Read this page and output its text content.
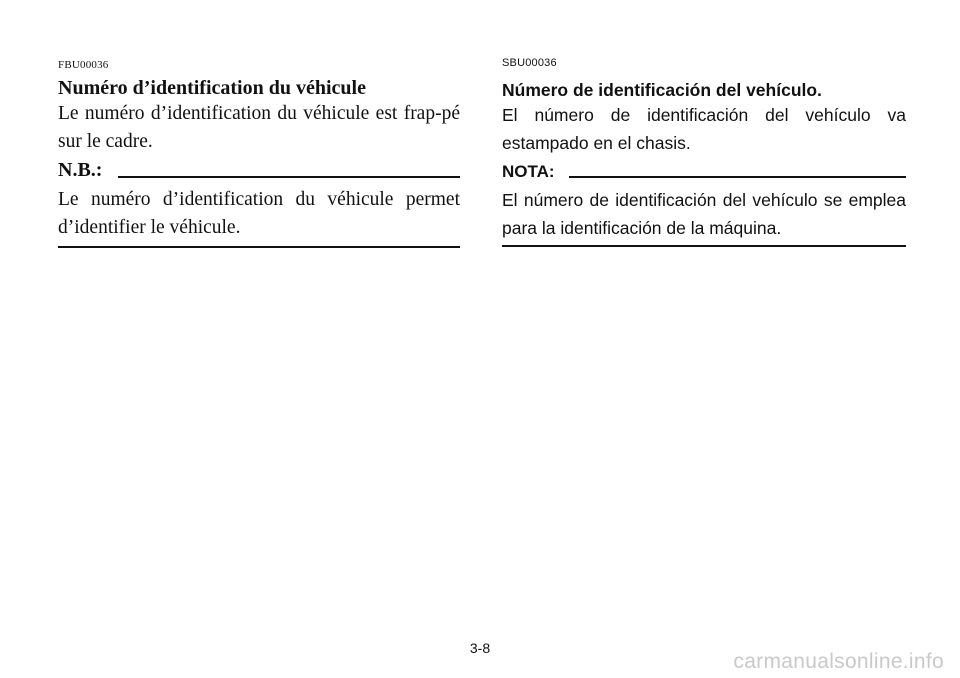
FBU00036
Numéro d’identification du véhicule
Le numéro d’identification du véhicule est frap-pé sur le cadre.
N.B.:
Le numéro d’identification du véhicule permet d’identifier le véhicule.
SBU00036
Número de identificación del vehículo.
El número de identificación del vehículo va estampado en el chasis.
NOTA:
El número de identificación del vehículo se emplea para la identificación de la máquina.
3-8
carmanualsonline.info
